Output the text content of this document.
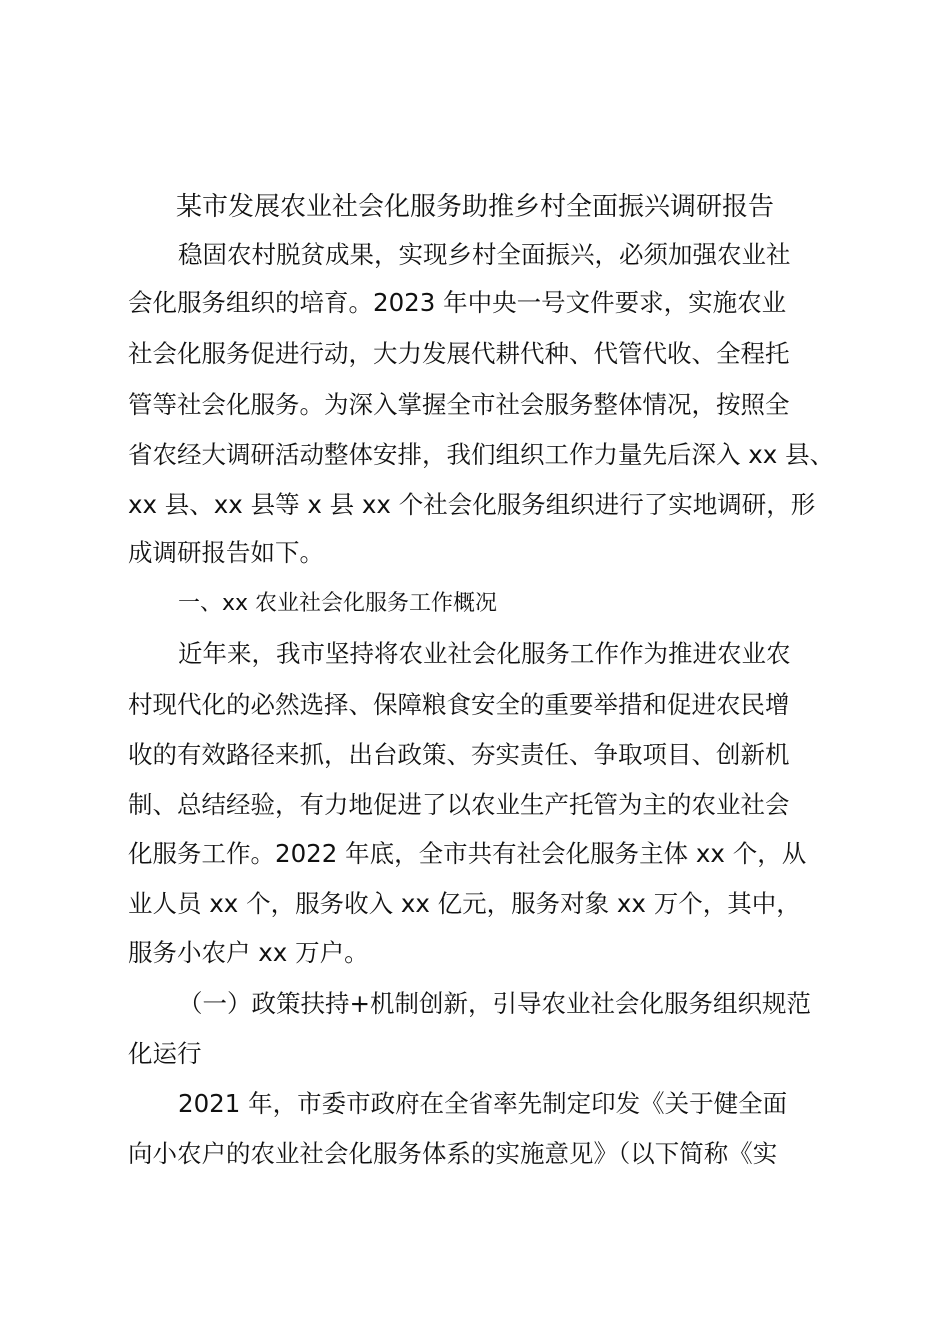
某市发展农业社会化服务助推乡村全面振兴调研报告

稳固农村脱贫成果，实现乡村全面振兴，必须加强农业社

会化服务组织的培育。2023 年中央一号文件要求，实施农业

社会化服务促进行动，大力发展代耕代种、代管代收、全程托

管等社会化服务。为深入掌握全市社会服务整体情况，按照全

省农经大调研活动整体安排，我们组织工作力量先后深入 xx 县、

xx 县、xx 县等 x 县 xx 个社会化服务组织进行了实地调研，形

成调研报告如下。

一、xx 农业社会化服务工作概况

近年来，我市坚持将农业社会化服务工作作为推进农业农

村现代化的必然选择、保障粮食安全的重要举措和促进农民增

收的有效路径来抓，出台政策、夯实责任、争取项目、创新机

制、总结经验，有力地促进了以农业生产托管为主的农业社会

化服务工作。2022 年底，全市共有社会化服务主体 xx 个，从

业人员 xx 个，服务收入 xx 亿元，服务对象 xx 万个，其中，

服务小农户 xx 万户。

（一）政策扶持+机制创新，引导农业社会化服务组织规范

化运行

2021 年，市委市政府在全省率先制定印发《关于健全面

向小农户的农业社会化服务体系的实施意见》（以下简称《实
